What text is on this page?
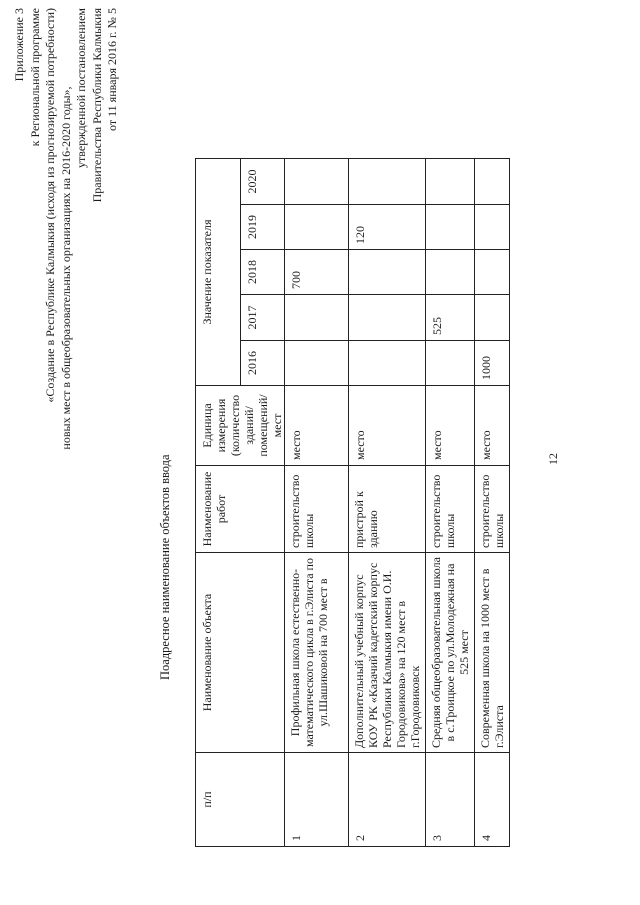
Приложение 3 к Региональной программе «Создание в Республике Калмыкия (исходя из прогнозируемой потребности) новых мест в общеобразовательных организациях на 2016-2020 годы», утвержденной постановлением Правительства Республики Калмыкия от 11 января 2016 г. № 5
Поадресное наименование объектов ввода
п/п	Наименование объекта	Наименование работ	Единица измерения (количество зданий/ помещений/ мест	Значение показателя				
				2016	2017	2018	2019	2020
1	Профильная школа естественно-математического цикла в г.Элиста по ул.Шашиковой на 700 мест в	строительство школы	место			700		
2	Дополнительный учебный корпус КОУ РК «Казачий кадетский корпус Республики Калмыкия имени О.И. Городовикова» на 120 мест в г.Городовиковск	пристрой к зданию	место				120	
3	Средняя общеобразовательная школа в с.Троицкое по ул.Молодежная на 525 мест	строительство школы	место		525			
4	Современная школа на 1000 мест в г.Элиста	строительство школы	место	1000				
12
